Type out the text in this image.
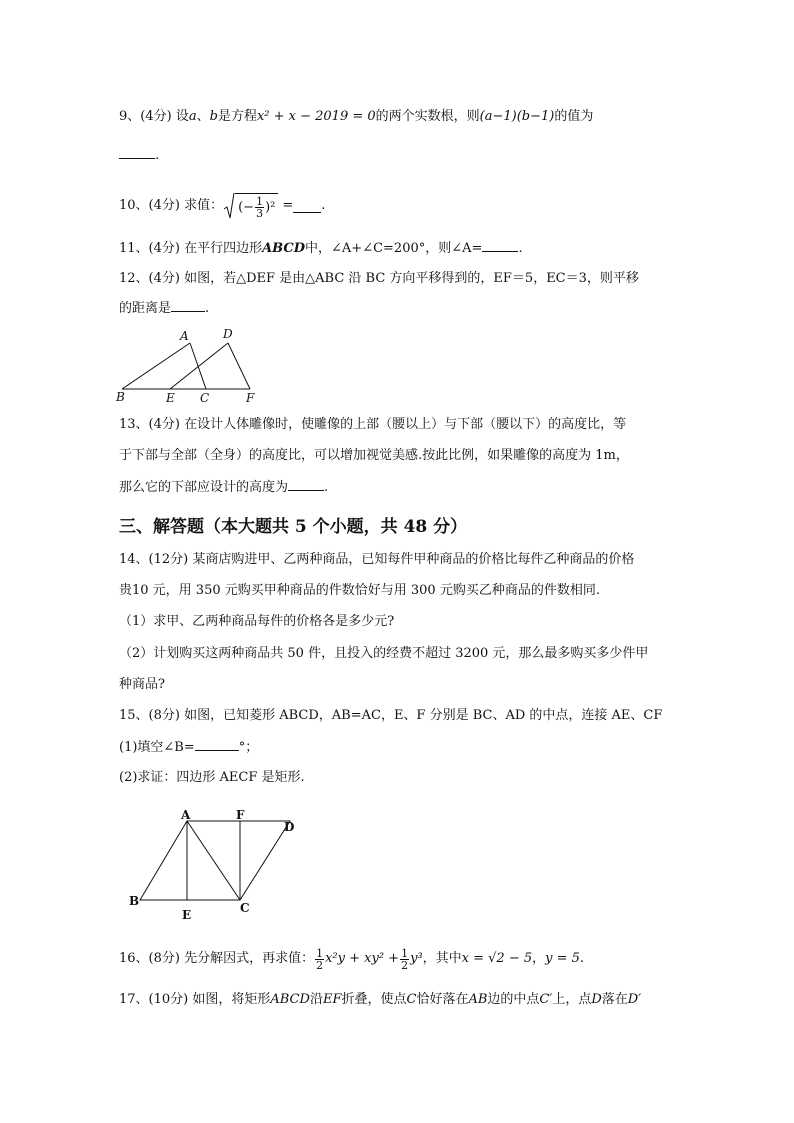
9、(4分) 设a、b是方程x² + x − 2019 = 0的两个实数根，则(a−1)(b−1)的值为
.
10、(4分) 求值： (− $\frac{1}{3} )^2$ = .
11、(4分) 在平行四边形ABCD中，∠A+∠C=200°，则∠A=	.
12、(4分) 如图，若△DEF 是由△ABC 沿 BC 方向平移得到的，EF＝5，EC＝3，则平移
的距离是	.
A	D
B	E C	F
13、(4分) 在设计人体雕像时，使雕像的上部（腰以上）与下部（腰以下）的高度比，等
于下部与全部（全身）的高度比，可以增加视觉美感.按此比例，如果雕像的高度为 1m，
那么它的下部应设计的高度为	.
三、解答题（本大题共 5 个小题，共 48 分）
14、(12分) 某商店购进甲、乙两种商品，已知每件甲种商品的价格比每件乙种商品的价格
贵10 元，用 350 元购买甲种商品的件数恰好与用 300 元购买乙种商品的件数相同.
（1）求甲、乙两种商品每件的价格各是多少元?
（2）计划购买这两种商品共 50 件，且投入的经费不超过 3200 元，那么最多购买多少件甲
种商品?
15、(8分) 如图，已知菱形 ABCD，AB=AC，E、F 分别是 BC、AD 的中点，连接 AE、CF
(1)填空∠B=	°；
(2)求证：四边形 AECF 是矩形.
A	F
D
B
E	C
16、(8分) 先分解因式，再求值： $\frac{1}{2} x^2y + xy^2 + \frac{1}{2} y^3$ ，其中 x = √2 − 5 ， y = 5 .
17、(10分) 如图，将矩形ABCD沿EF折叠，使点C恰好落在AB边的中点C′上，点D落在D′
